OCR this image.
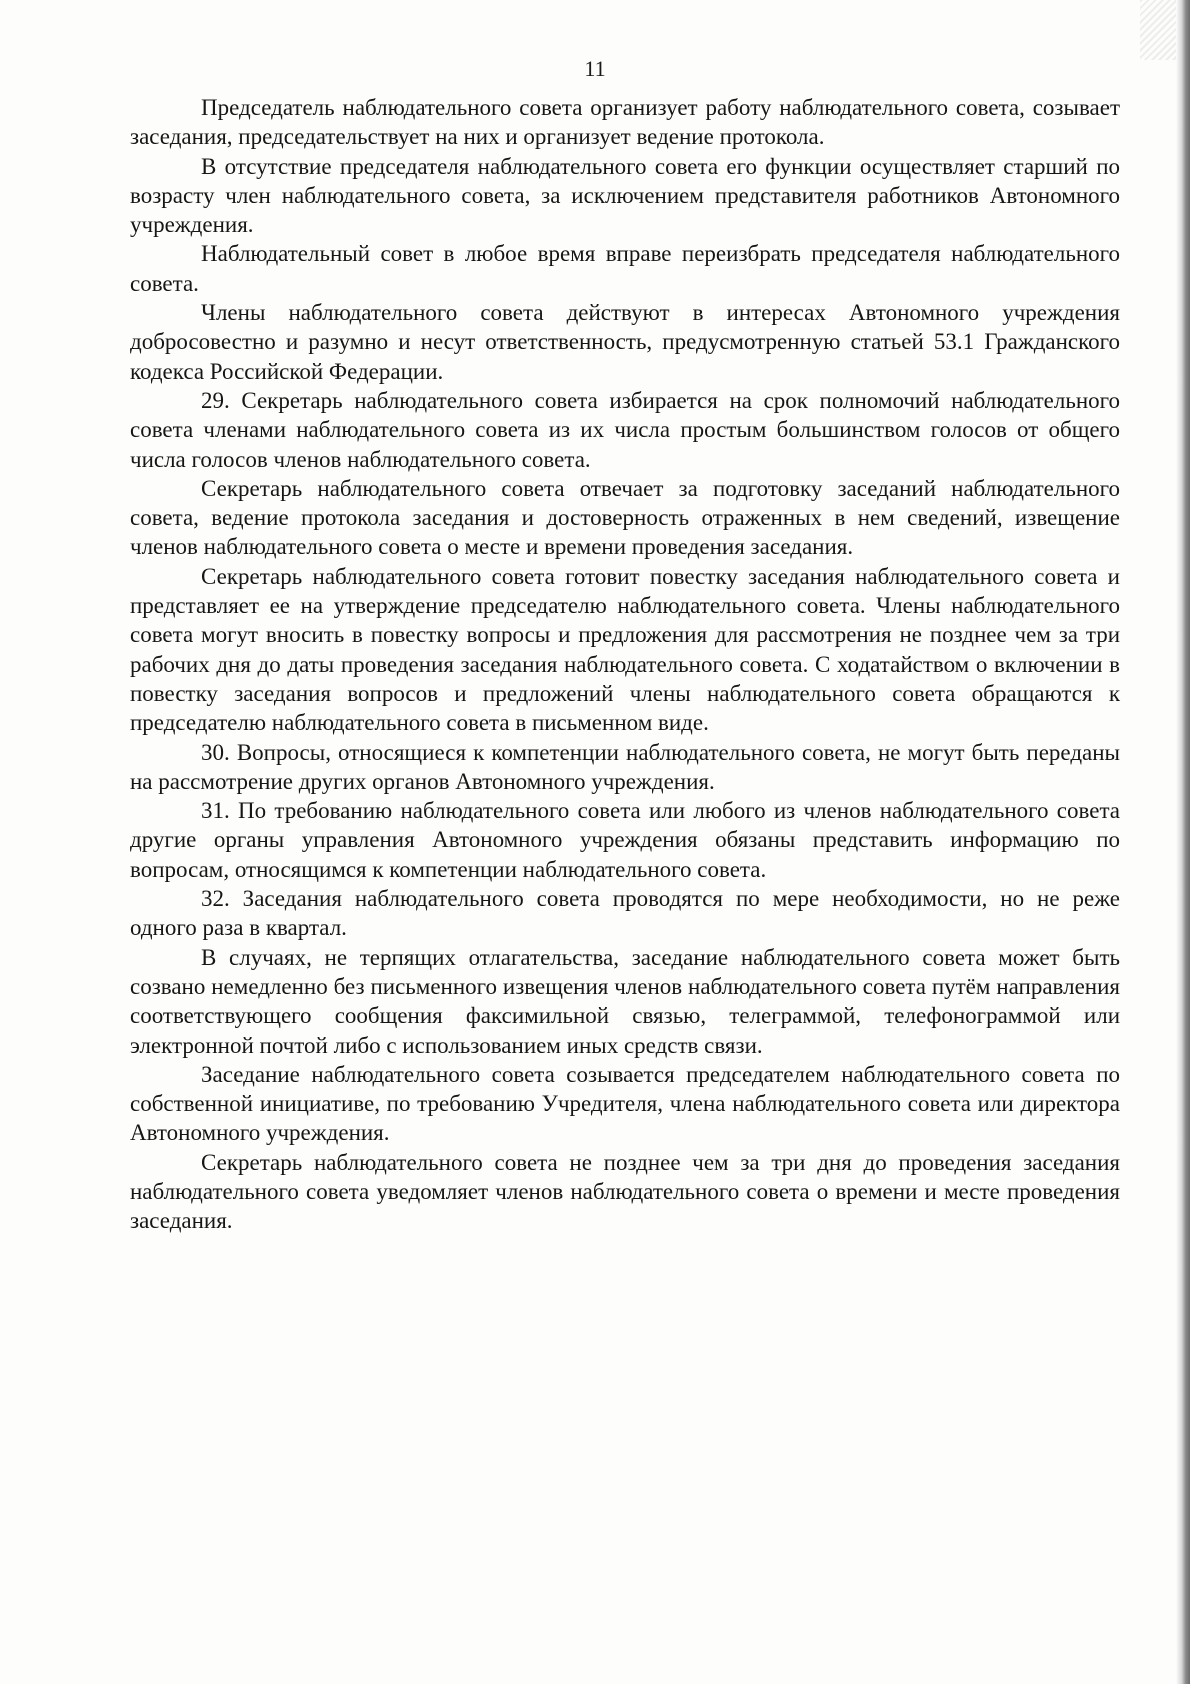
11

Председатель наблюдательного совета организует работу наблюдательного совета, созывает заседания, председательствует на них и организует ведение протокола.

В отсутствие председателя наблюдательного совета его функции осуществляет старший по возрасту член наблюдательного совета, за исключением представителя работников Автономного учреждения.

Наблюдательный совет в любое время вправе переизбрать председателя наблюдательного совета.

Члены наблюдательного совета действуют в интересах Автономного учреждения добросовестно и разумно и несут ответственность, предусмотренную статьей 53.1 Гражданского кодекса Российской Федерации.

29. Секретарь наблюдательного совета избирается на срок полномочий наблюдательного совета членами наблюдательного совета из их числа простым большинством голосов от общего числа голосов членов наблюдательного совета.

Секретарь наблюдательного совета отвечает за подготовку заседаний наблюдательного совета, ведение протокола заседания и достоверность отраженных в нем сведений, извещение членов наблюдательного совета о месте и времени проведения заседания.

Секретарь наблюдательного совета готовит повестку заседания наблюдательного совета и представляет ее на утверждение председателю наблюдательного совета. Члены наблюдательного совета могут вносить в повестку вопросы и предложения для рассмотрения не позднее чем за три рабочих дня до даты проведения заседания наблюдательного совета. С ходатайством о включении в повестку заседания вопросов и предложений члены наблюдательного совета обращаются к председателю наблюдательного совета в письменном виде.

30. Вопросы, относящиеся к компетенции наблюдательного совета, не могут быть переданы на рассмотрение других органов Автономного учреждения.

31. По требованию наблюдательного совета или любого из членов наблюдательного совета другие органы управления Автономного учреждения обязаны представить информацию по вопросам, относящимся к компетенции наблюдательного совета.

32. Заседания наблюдательного совета проводятся по мере необходимости, но не реже одного раза в квартал.

В случаях, не терпящих отлагательства, заседание наблюдательного совета может быть созвано немедленно без письменного извещения членов наблюдательного совета путём направления соответствующего сообщения факсимильной связью, телеграммой, телефонограммой или электронной почтой либо с использованием иных средств связи.

Заседание наблюдательного совета созывается председателем наблюдательного совета по собственной инициативе, по требованию Учредителя, члена наблюдательного совета или директора Автономного учреждения.

Секретарь наблюдательного совета не позднее чем за три дня до проведения заседания наблюдательного совета уведомляет членов наблюдательного совета о времени и месте проведения заседания.
